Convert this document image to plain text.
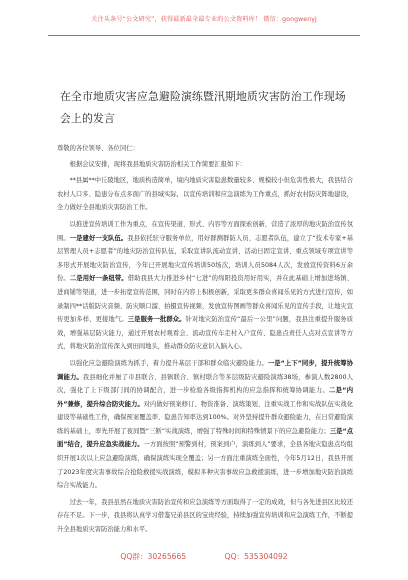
关注头条号“公文研究”，获得最新最全最专业的公文资料库！ 微信：gongwenyj
在全市地质灾害应急避险演练暨汛期地质灾害防治工作现场会上的发言

尊敬的各位领导、各位同仁：

根据会议安排，现将我县地质灾害防治相关工作简要汇报如下：

**县属**中丘陵地区，地质构造简单，境内地质灾害隐患数量较多、规模较小但危害性极大，我县结合农村人口多、隐患分布点多面广的县域实际，以宣传培训和应急演练为工作重点，抓好农村防灾阵地建设，全力做好全县地质灾害防治工作。

以推进宣传培训工作为重点，在宣传渠道、形式、内容等方面探索创新，营造了浓厚的地灾防治宣传氛围。一是建好一支队伍。我县依托驻守服务单位，用好群测群防人员、志愿者队伍，建立了“技术专家+基层管理人员+志愿者”的地灾防治宣传队伍，采取宣讲队流动宣讲、活动日固定宣讲、重点领域专项宣讲等多形式开展地灾防治宣传，今年已开展地灾宣传培训50场次，培训人员5084人次，发放宣传资料6万余份。二是用好一条纽带。借助我县大力推进乡村“七进”的绵阳投资用好用实，并在此基础上增加进场镇、进商铺等渠道，进一步拓宽宣传范围，同时在内容上积极创新，采取更多群众喜闻乐见的方式进行宣传，如录制四**话版防灾音频、防灾顺口溜、拍摄宣传视频、发放宣传图画等群众喜闻乐见的宣传手段，让地灾宣传更加多样、更接地气。三是服务一批群众。针对地灾防治宣传“最后一公里”问题，我县注重提升服务质效，增强基层防灾能力，通过开展农村观看会、流动宣传车走村入户宣传、隐患点责任人点对点宣讲等方式，将地灾防治宣传深入到田间地头，推动群众防灾意识入脑入心。

以强化应急避险演练为抓手，着力提升基层干部和群众临灾避险能力。一是“上下”同步，提升统筹协调能力。我县细化并厘了市县联合、县镇联合、镇村联合等多层级防灾避险演练38场，参演人数2800人次，强化了上下级部门间的协调配合，进一步检验各级指挥机构的应急指挥和统筹协调能力。二是“内外”兼修，提升综合防灾能力。对内做好预案修订、物资准备、演练策划、注重实战工作和实战队伍实战化建设等基础性工作，确保预案覆盖率、隐患告知率达到100%。对外坚持提升群众避险能力，在日常避险演练的基础上，率先开展了夜间暨“三断”实战演练，增强了特殊时间和特殊情景下的应急避险能力；三是“点面”结合，提升应急实战能力。一方面按照“预警到村，预案到户，演练到人”要求，全县各地灾隐患点均组织开展1次以上应急避险演练，确保演练实现全覆盖；另一方面注重演练全面性，今年5月12日，我县开展了2023年度灾害事故综合抢险救援实战演练，模拟多种灾害事故应急救援演练，进一步增加地灾防治演练综合实战能力。

过去一年，我县虽然在地质灾害防治宣传和应急演练等方面取得了一定的成效，但与各先进县区比较还存在不足。下一步，我县将认真学习借鉴兄弟县区的宝贵经验，持续加强宣传培训和应急演练工作，不断提升全县地质灾害防治能力和水平。

QQ群：30265665	QQ：535304092
